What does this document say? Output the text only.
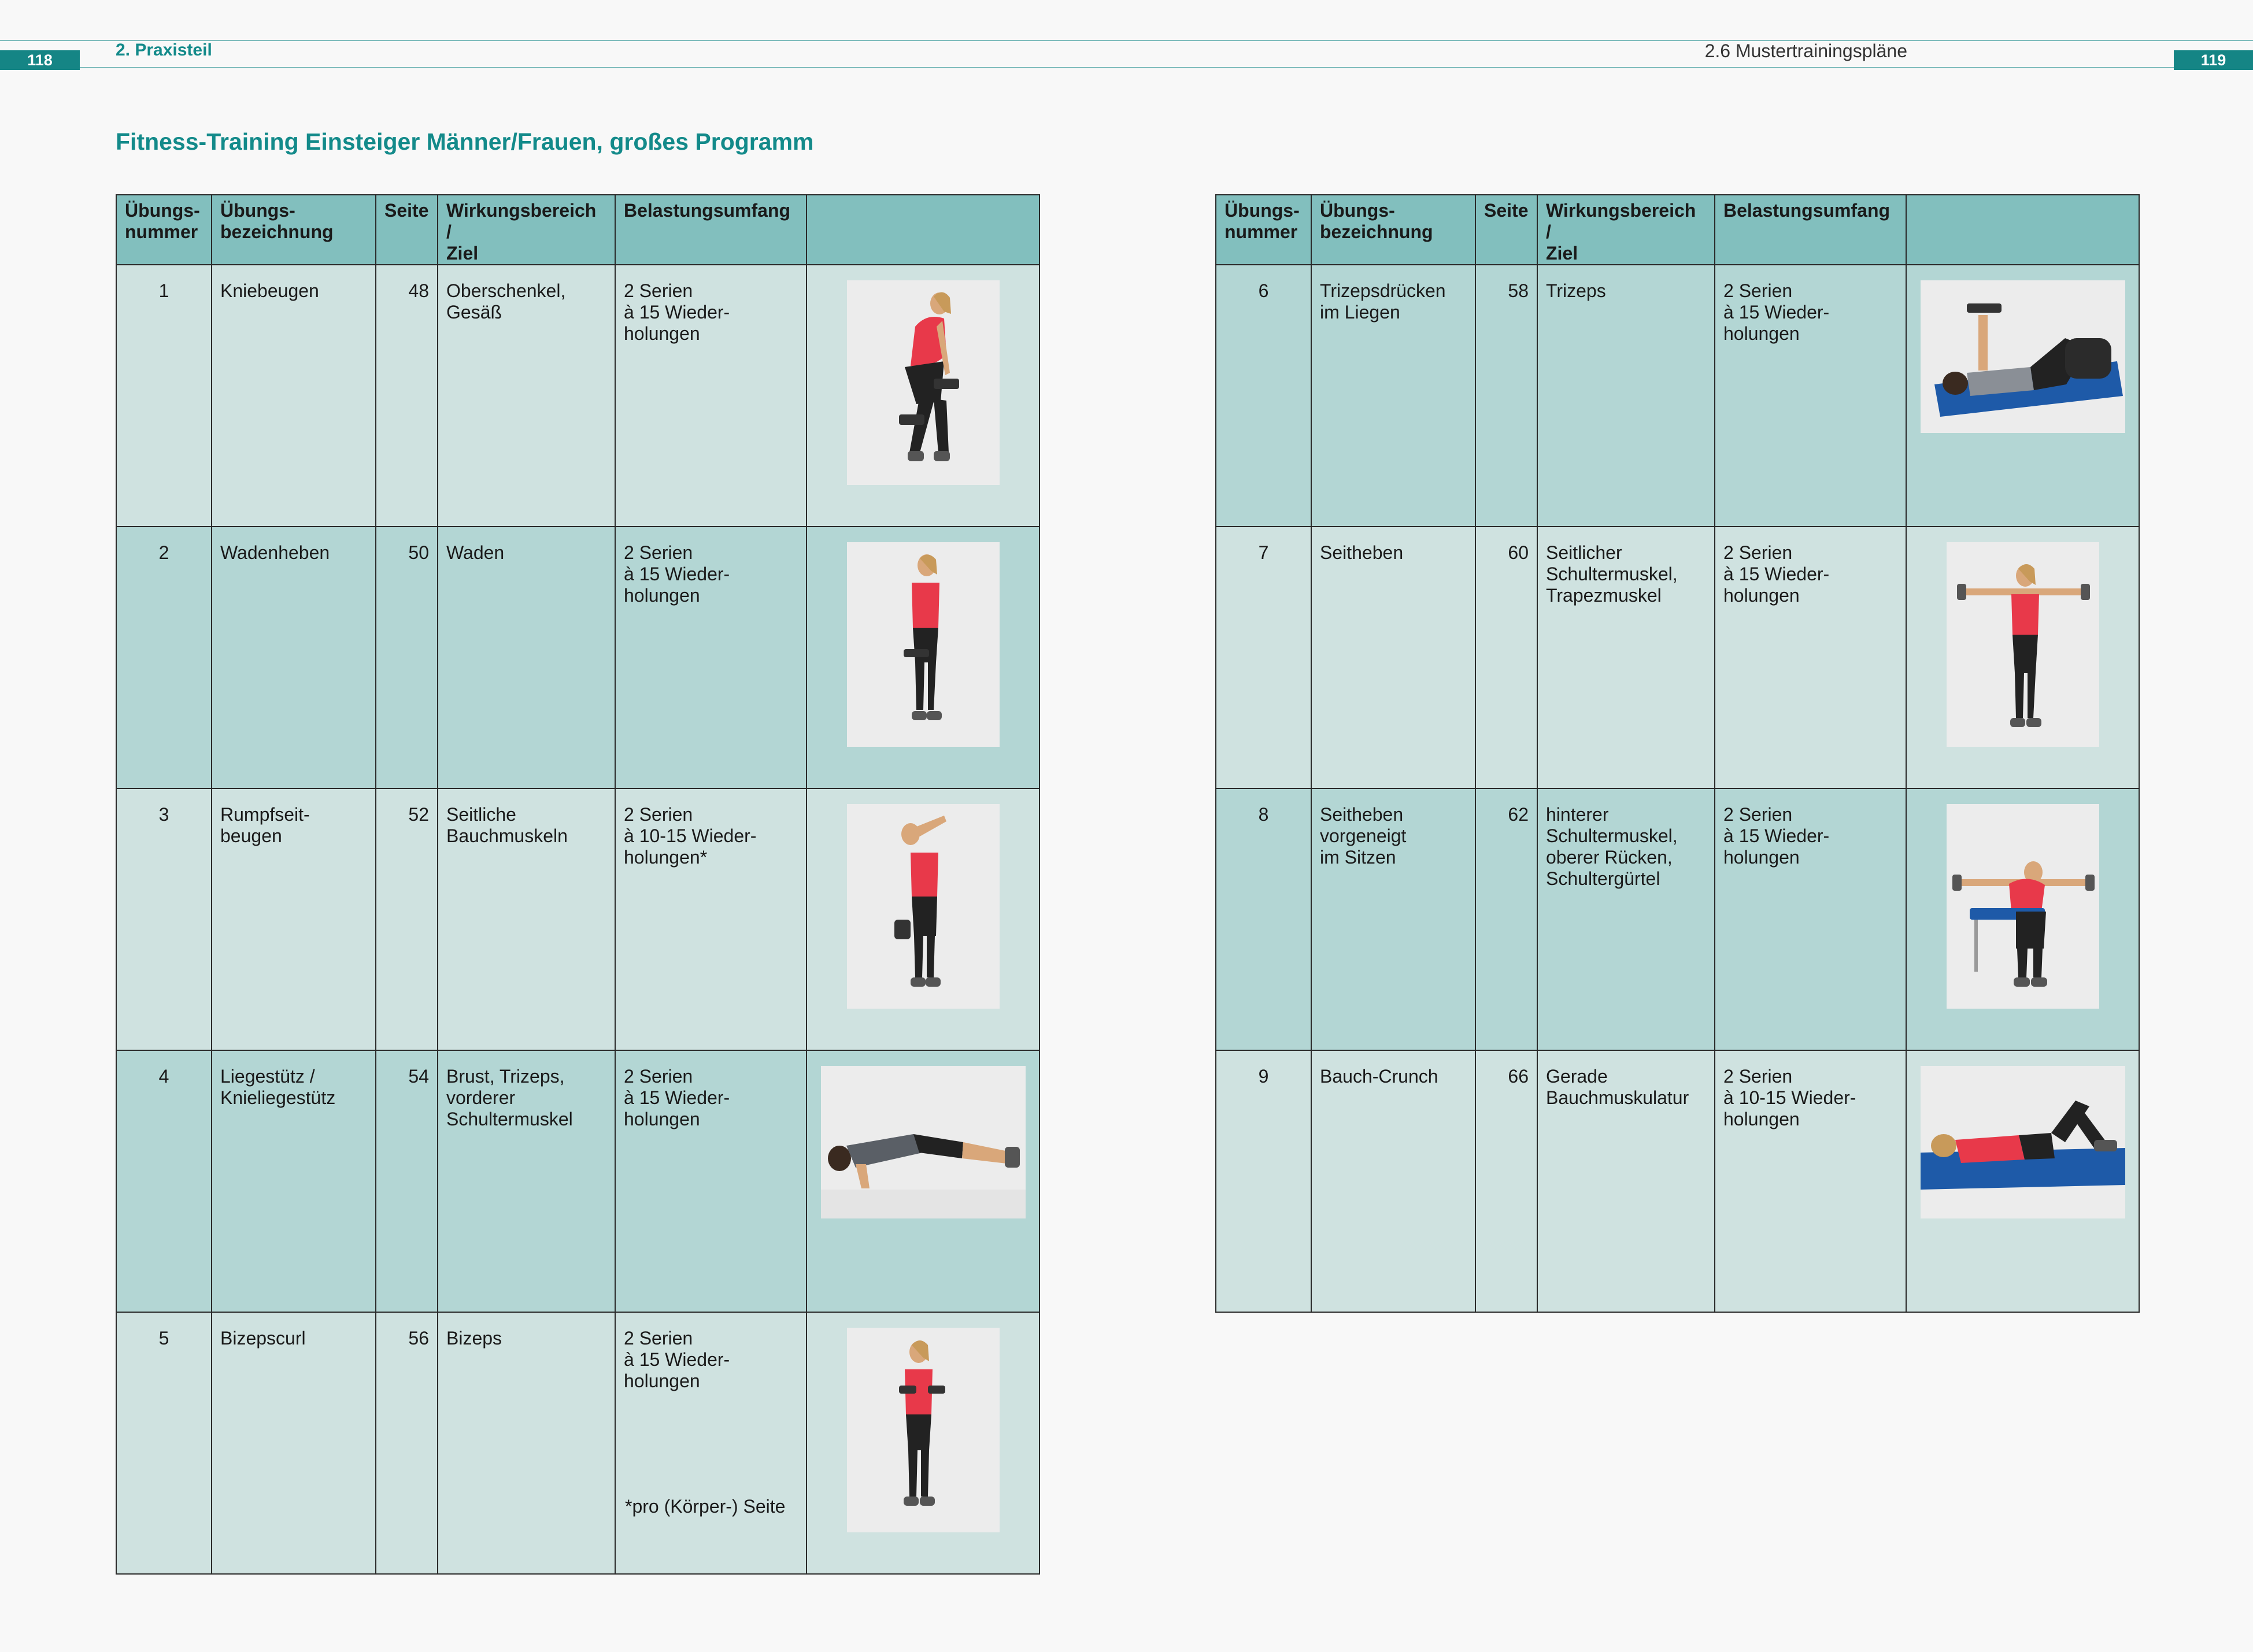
118
2. Praxisteil	2.6 Mustertrainingspläne	119
Fitness-Training Einsteiger Männer/Frauen, großes Programm
Übungs-
nummer	Übungs-
bezeichnung	Seite	Wirkungsbereich /
Ziel	Belastungsumfang	
1	Kniebeugen	48	Oberschenkel,
Gesäß	2 Serien
à 15 Wieder-
holungen	
2	Wadenheben	50	Waden	2 Serien
à 15 Wieder-
holungen	
3	Rumpfseit-
beugen	52	Seitliche
Bauchmuskeln	2 Serien
à 10-15 Wieder-
holungen*	
4	Liegestütz /
Knieliegestütz	54	Brust, Trizeps,
vorderer
Schultermuskel	2 Serien
à 15 Wieder-
holungen	
5	Bizepscurl	56	Bizeps	2 Serien
à 15 Wieder-
holungen	
Übungs-
nummer	Übungs-
bezeichnung	Seite	Wirkungsbereich /
Ziel	Belastungsumfang	
6	Trizepsdrücken
im Liegen	58	Trizeps	2 Serien
à 15 Wieder-
holungen	
7	Seitheben	60	Seitlicher
Schultermuskel,
Trapezmuskel	2 Serien
à 15 Wieder-
holungen	
8	Seitheben
vorgeneigt
im Sitzen	62	hinterer
Schultermuskel,
oberer Rücken,
Schultergürtel	2 Serien
à 15 Wieder-
holungen	
9	Bauch-Crunch	66	Gerade
Bauchmuskulatur	2 Serien
à 10-15 Wieder-
holungen	
*pro (Körper-) Seite
